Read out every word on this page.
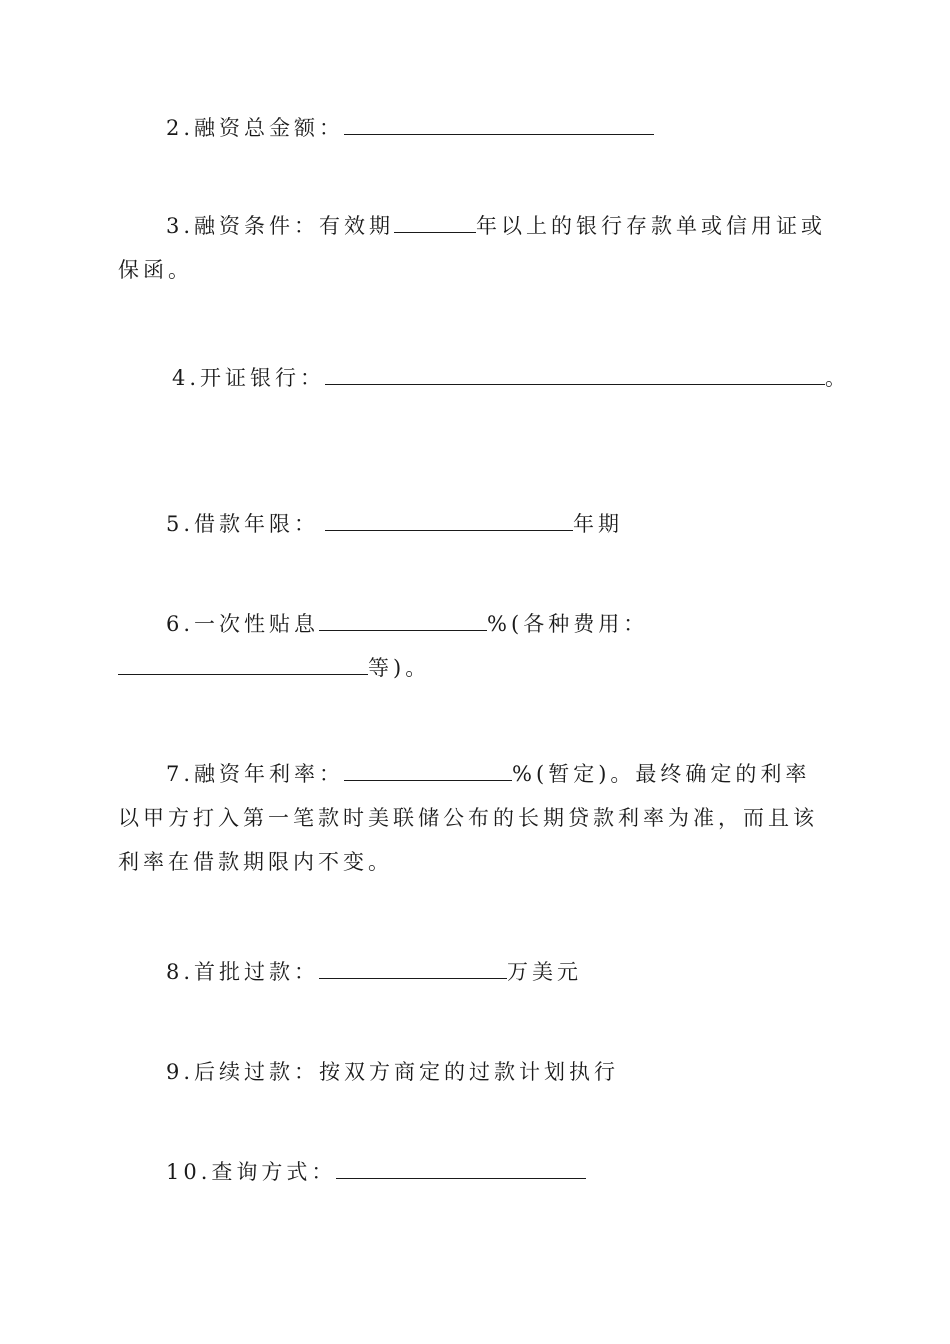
2.融资总金额：
3.融资条件：有效期	年以上的银行存款单或信用证或保函。
4.开证银行：	。
5.借款年限：	年期
6.一次性贴息	%(各种费用：等)。
7.融资年利率：	%(暂定)。最终确定的利率以甲方打入第一笔款时美联储公布的长期贷款利率为准，而且该利率在借款期限内不变。
8.首批过款：	万美元
9.后续过款：按双方商定的过款计划执行
10.查询方式：
